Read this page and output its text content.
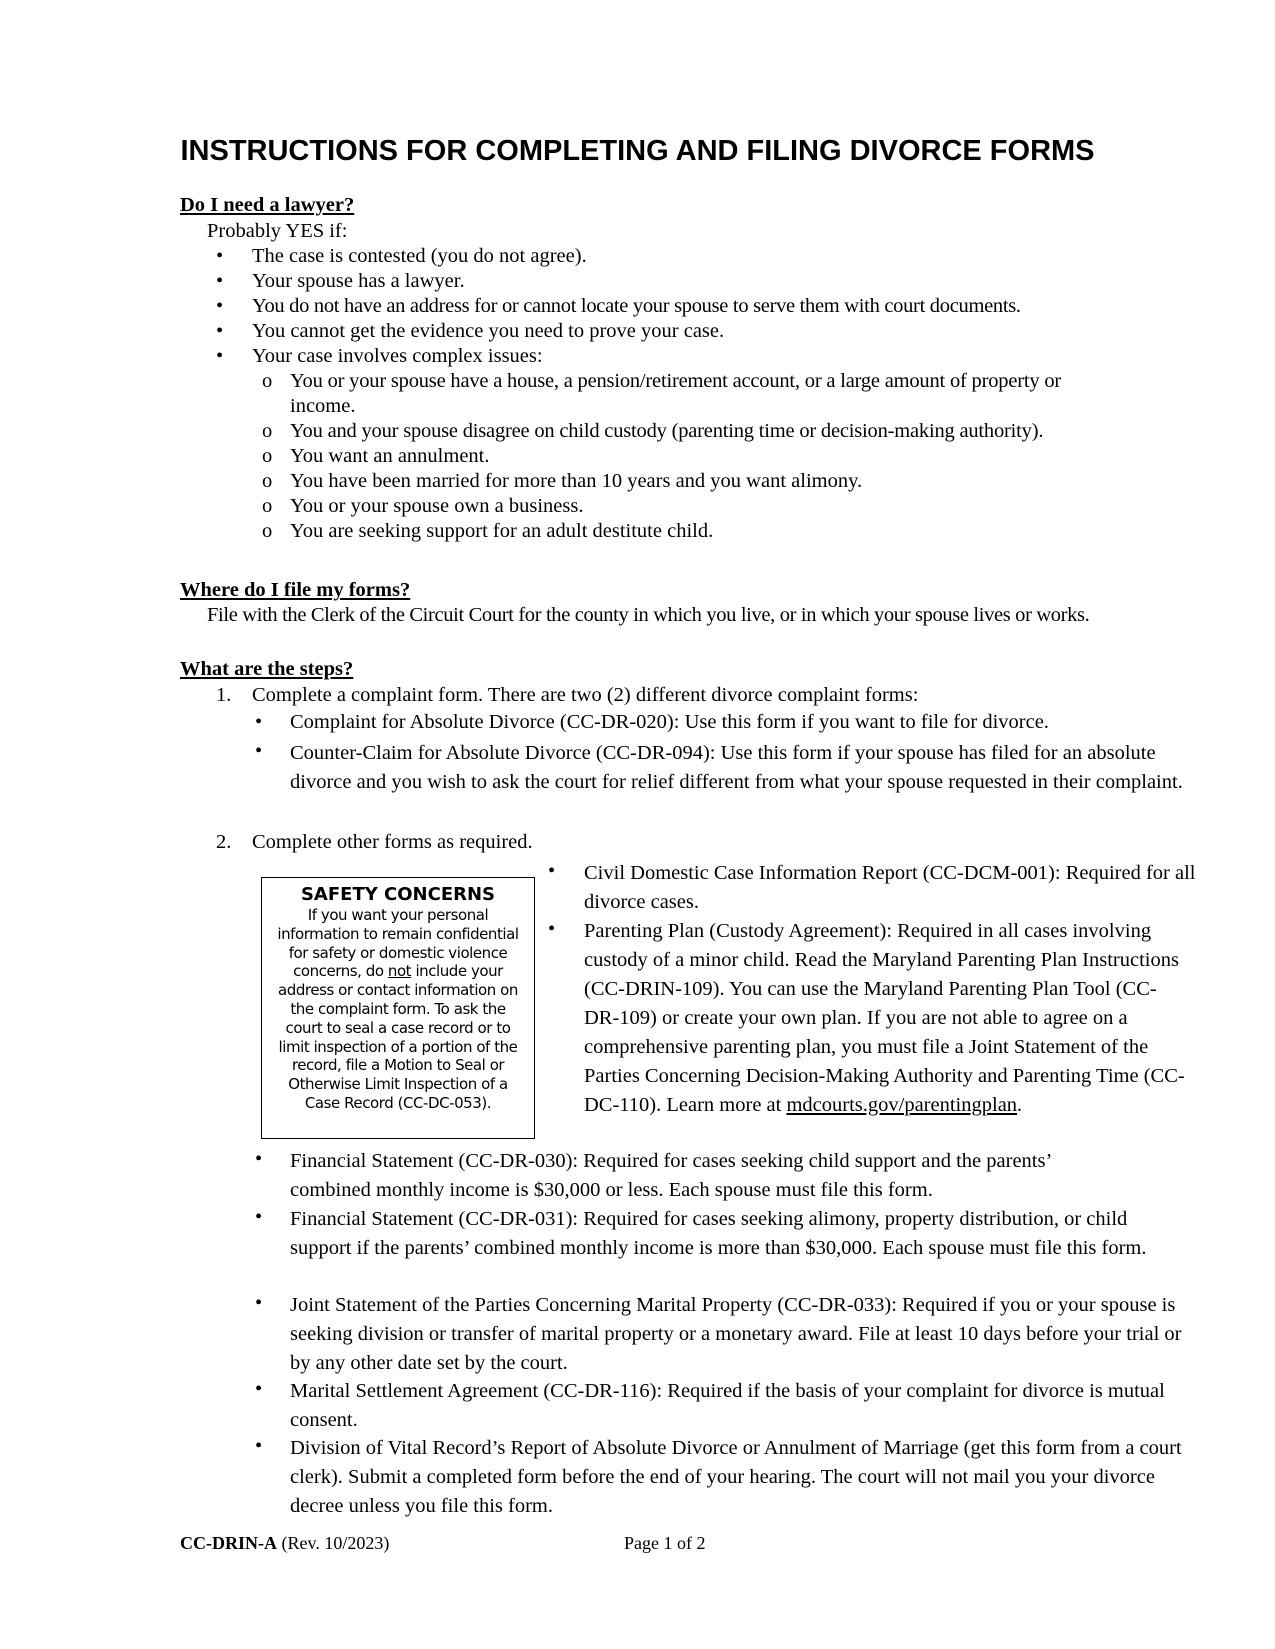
INSTRUCTIONS FOR COMPLETING AND FILING DIVORCE FORMS
Do I need a lawyer?
Probably YES if:
• The case is contested (you do not agree).
• Your spouse has a lawyer.
• You do not have an address for or cannot locate your spouse to serve them with court documents.
• You cannot get the evidence you need to prove your case.
• Your case involves complex issues:
o You or your spouse have a house, a pension/retirement account, or a large amount of property or
income.
o You and your spouse disagree on child custody (parenting time or decision-making authority).
o You want an annulment.
o You have been married for more than 10 years and you want alimony.
o You or your spouse own a business.
o You are seeking support for an adult destitute child.
Where do I file my forms?
File with the Clerk of the Circuit Court for the county in which you live, or in which your spouse lives or works.
What are the steps?
1. Complete a complaint form. There are two (2) different divorce complaint forms:
• Complaint for Absolute Divorce (CC-DR-020): Use this form if you want to file for divorce.
• Counter-Claim for Absolute Divorce (CC-DR-094): Use this form if your spouse has filed for an absolute divorce and you wish to ask the court for relief different from what your spouse requested in their complaint.
2. Complete other forms as required.
SAFETY CONCERNS
If you want your personal information to remain confidential for safety or domestic violence concerns, do not include your address or contact information on the complaint form. To ask the court to seal a case record or to limit inspection of a portion of the record, file a Motion to Seal or Otherwise Limit Inspection of a Case Record (CC-DC-053).
• Civil Domestic Case Information Report (CC-DCM-001): Required for all divorce cases.
• Parenting Plan (Custody Agreement): Required in all cases involving custody of a minor child. Read the Maryland Parenting Plan Instructions (CC-DRIN-109). You can use the Maryland Parenting Plan Tool (CC-DR-109) or create your own plan. If you are not able to agree on a comprehensive parenting plan, you must file a Joint Statement of the Parties Concerning Decision-Making Authority and Parenting Time (CC-DC-110). Learn more at mdcourts.gov/parentingplan.
• Financial Statement (CC-DR-030): Required for cases seeking child support and the parents’ combined monthly income is $30,000 or less. Each spouse must file this form.
• Financial Statement (CC-DR-031): Required for cases seeking alimony, property distribution, or child support if the parents’ combined monthly income is more than $30,000. Each spouse must file this form.
• Joint Statement of the Parties Concerning Marital Property (CC-DR-033): Required if you or your spouse is seeking division or transfer of marital property or a monetary award. File at least 10 days before your trial or by any other date set by the court.
• Marital Settlement Agreement (CC-DR-116): Required if the basis of your complaint for divorce is mutual consent.
• Division of Vital Record’s Report of Absolute Divorce or Annulment of Marriage (get this form from a court clerk). Submit a completed form before the end of your hearing. The court will not mail you your divorce decree unless you file this form.
CC-DRIN-A (Rev. 10/2023)	Page 1 of 2
